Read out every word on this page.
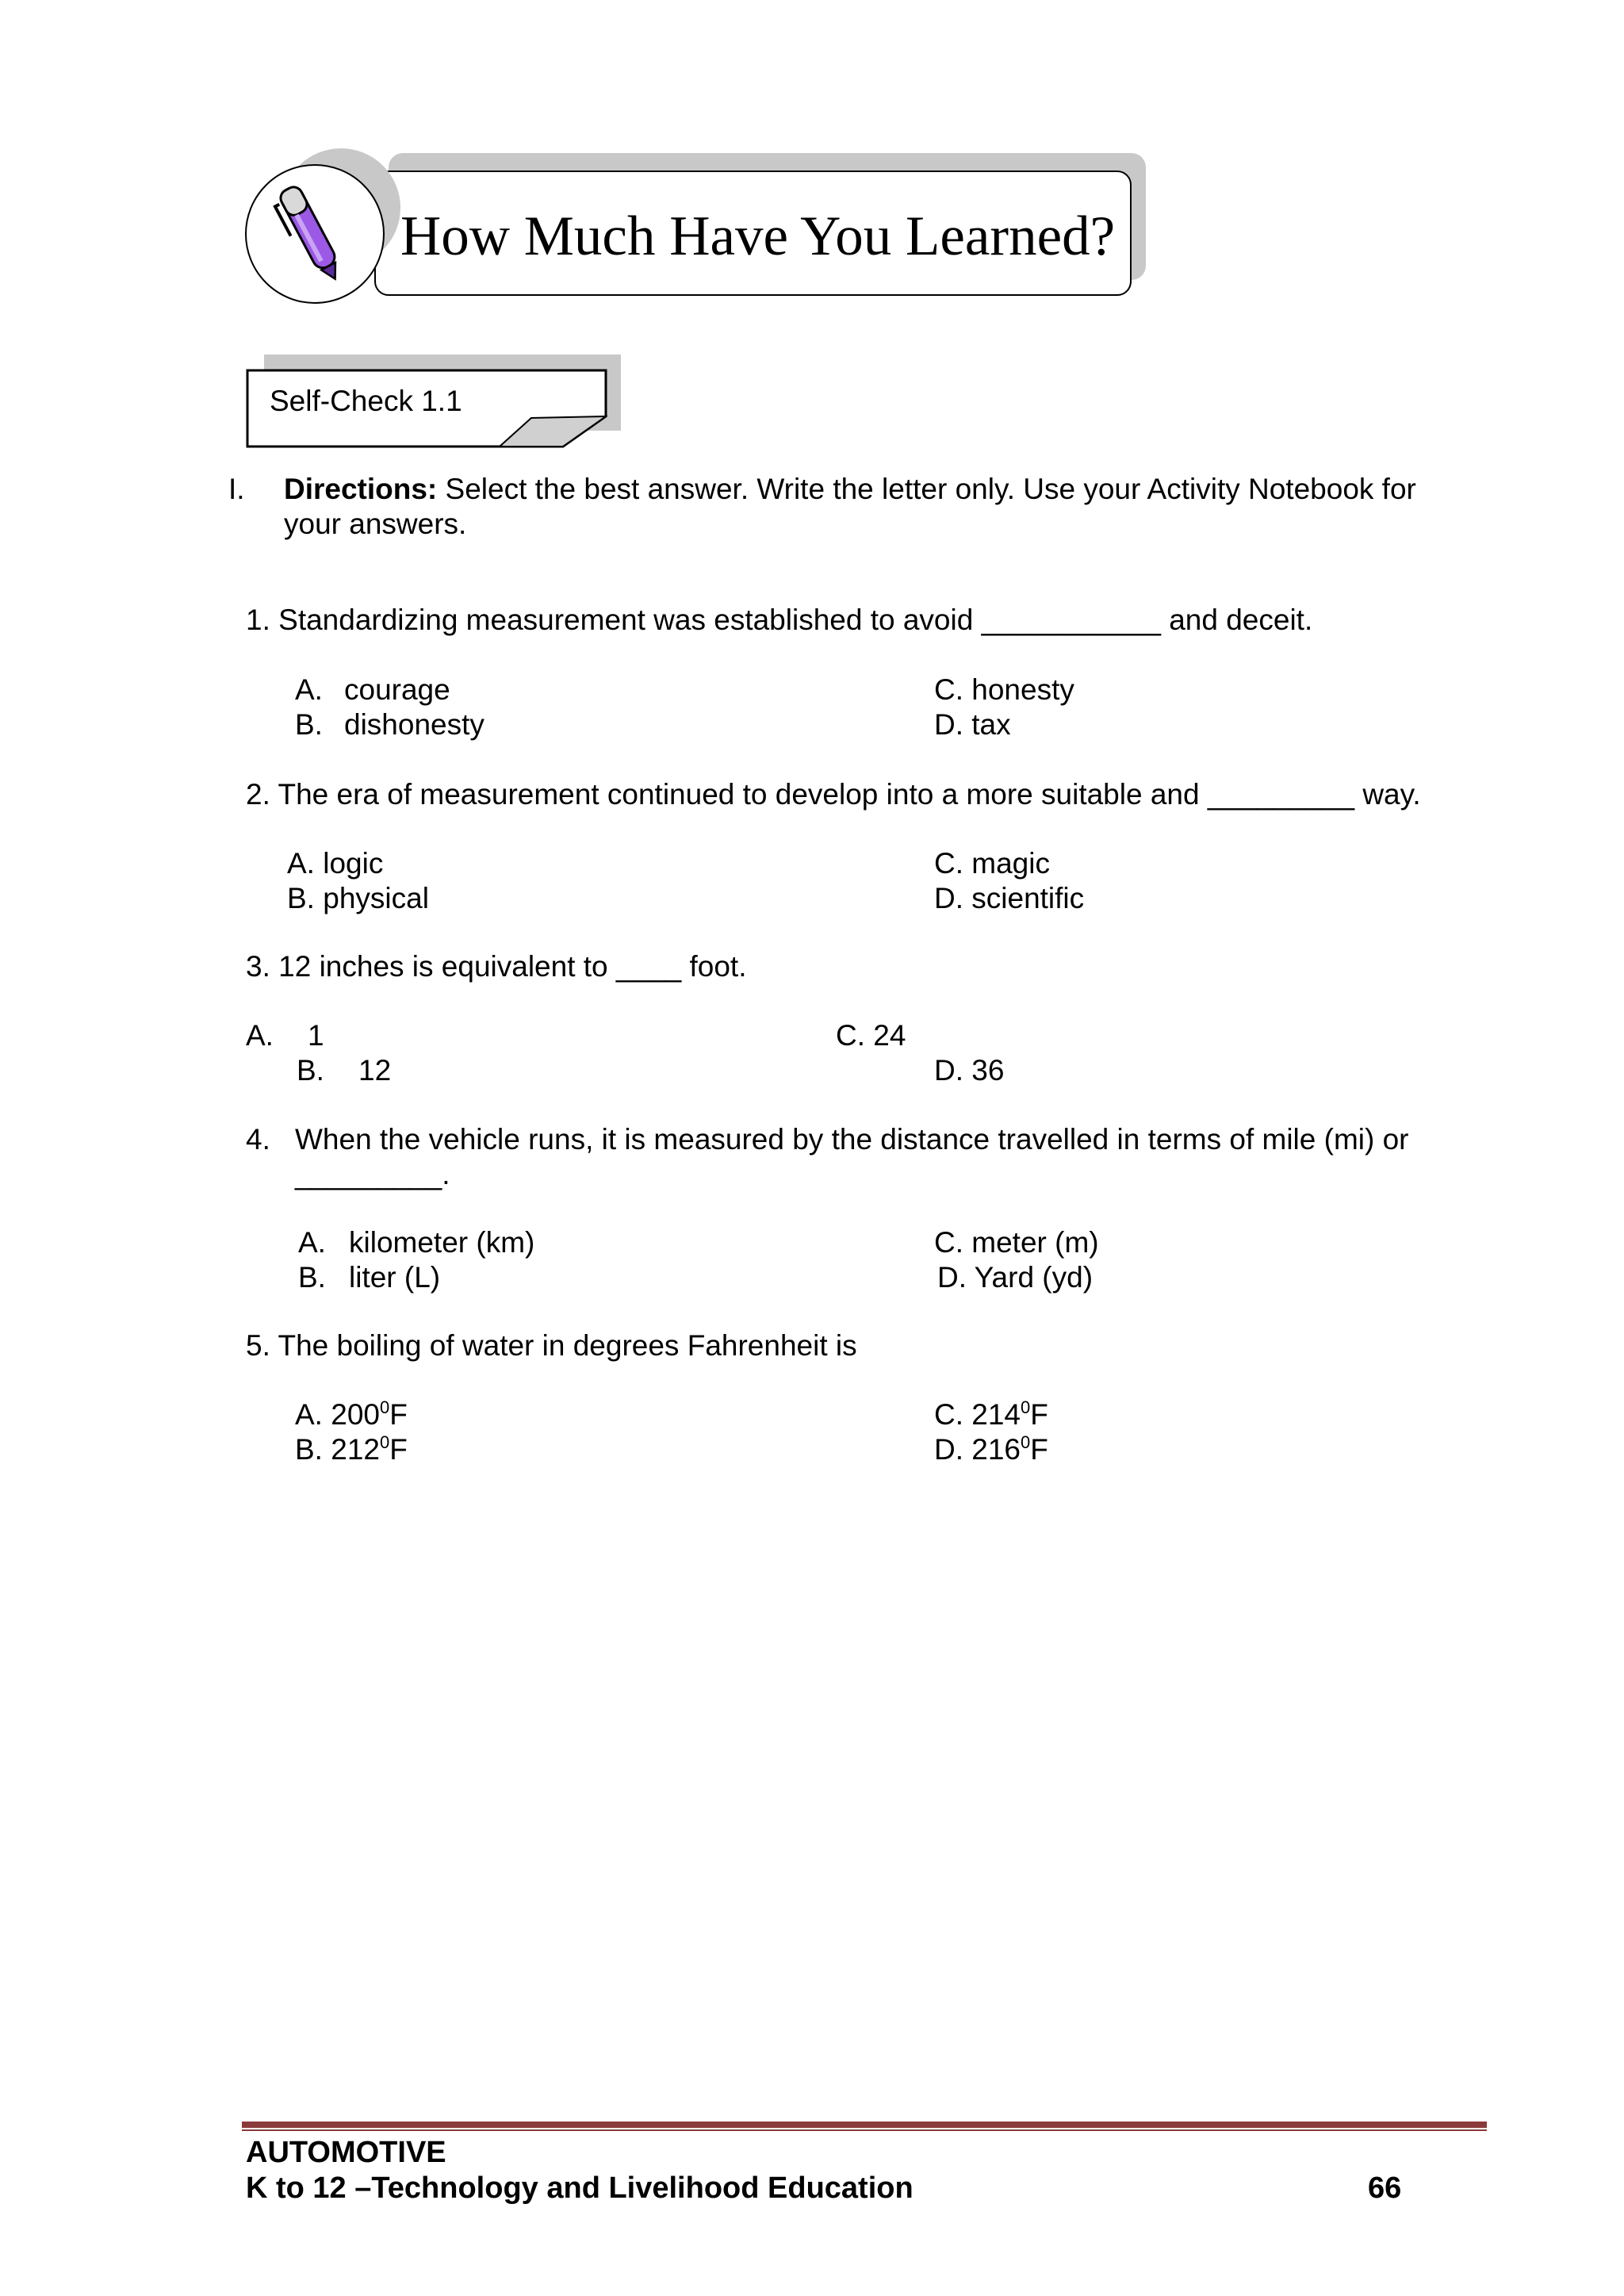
How Much Have You Learned?
Self-Check 1.1
I. Directions: Select the best answer. Write the letter only. Use your Activity Notebook for
your answers.
1. Standardizing measurement was established to avoid ___________ and deceit.
A. courage
B. dishonesty
C. honesty
D. tax
2. The era of measurement continued to develop into a more suitable and _________ way.
A. logic
B. physical
C. magic
D. scientific
3. 12 inches is equivalent to ____ foot.
A. 1
B. 12
C. 24
D. 36
4. When the vehicle runs, it is measured by the distance travelled in terms of mile (mi) or
_________.
A. kilometer (km)
B. liter (L)
C. meter (m)
D. Yard (yd)
5. The boiling of water in degrees Fahrenheit is
A. $200^0F$
B. $212^0F$
C. $214^0F$
D. $216^0F$
AUTOMOTIVE
K to 12 –Technology and Livelihood Education	66
